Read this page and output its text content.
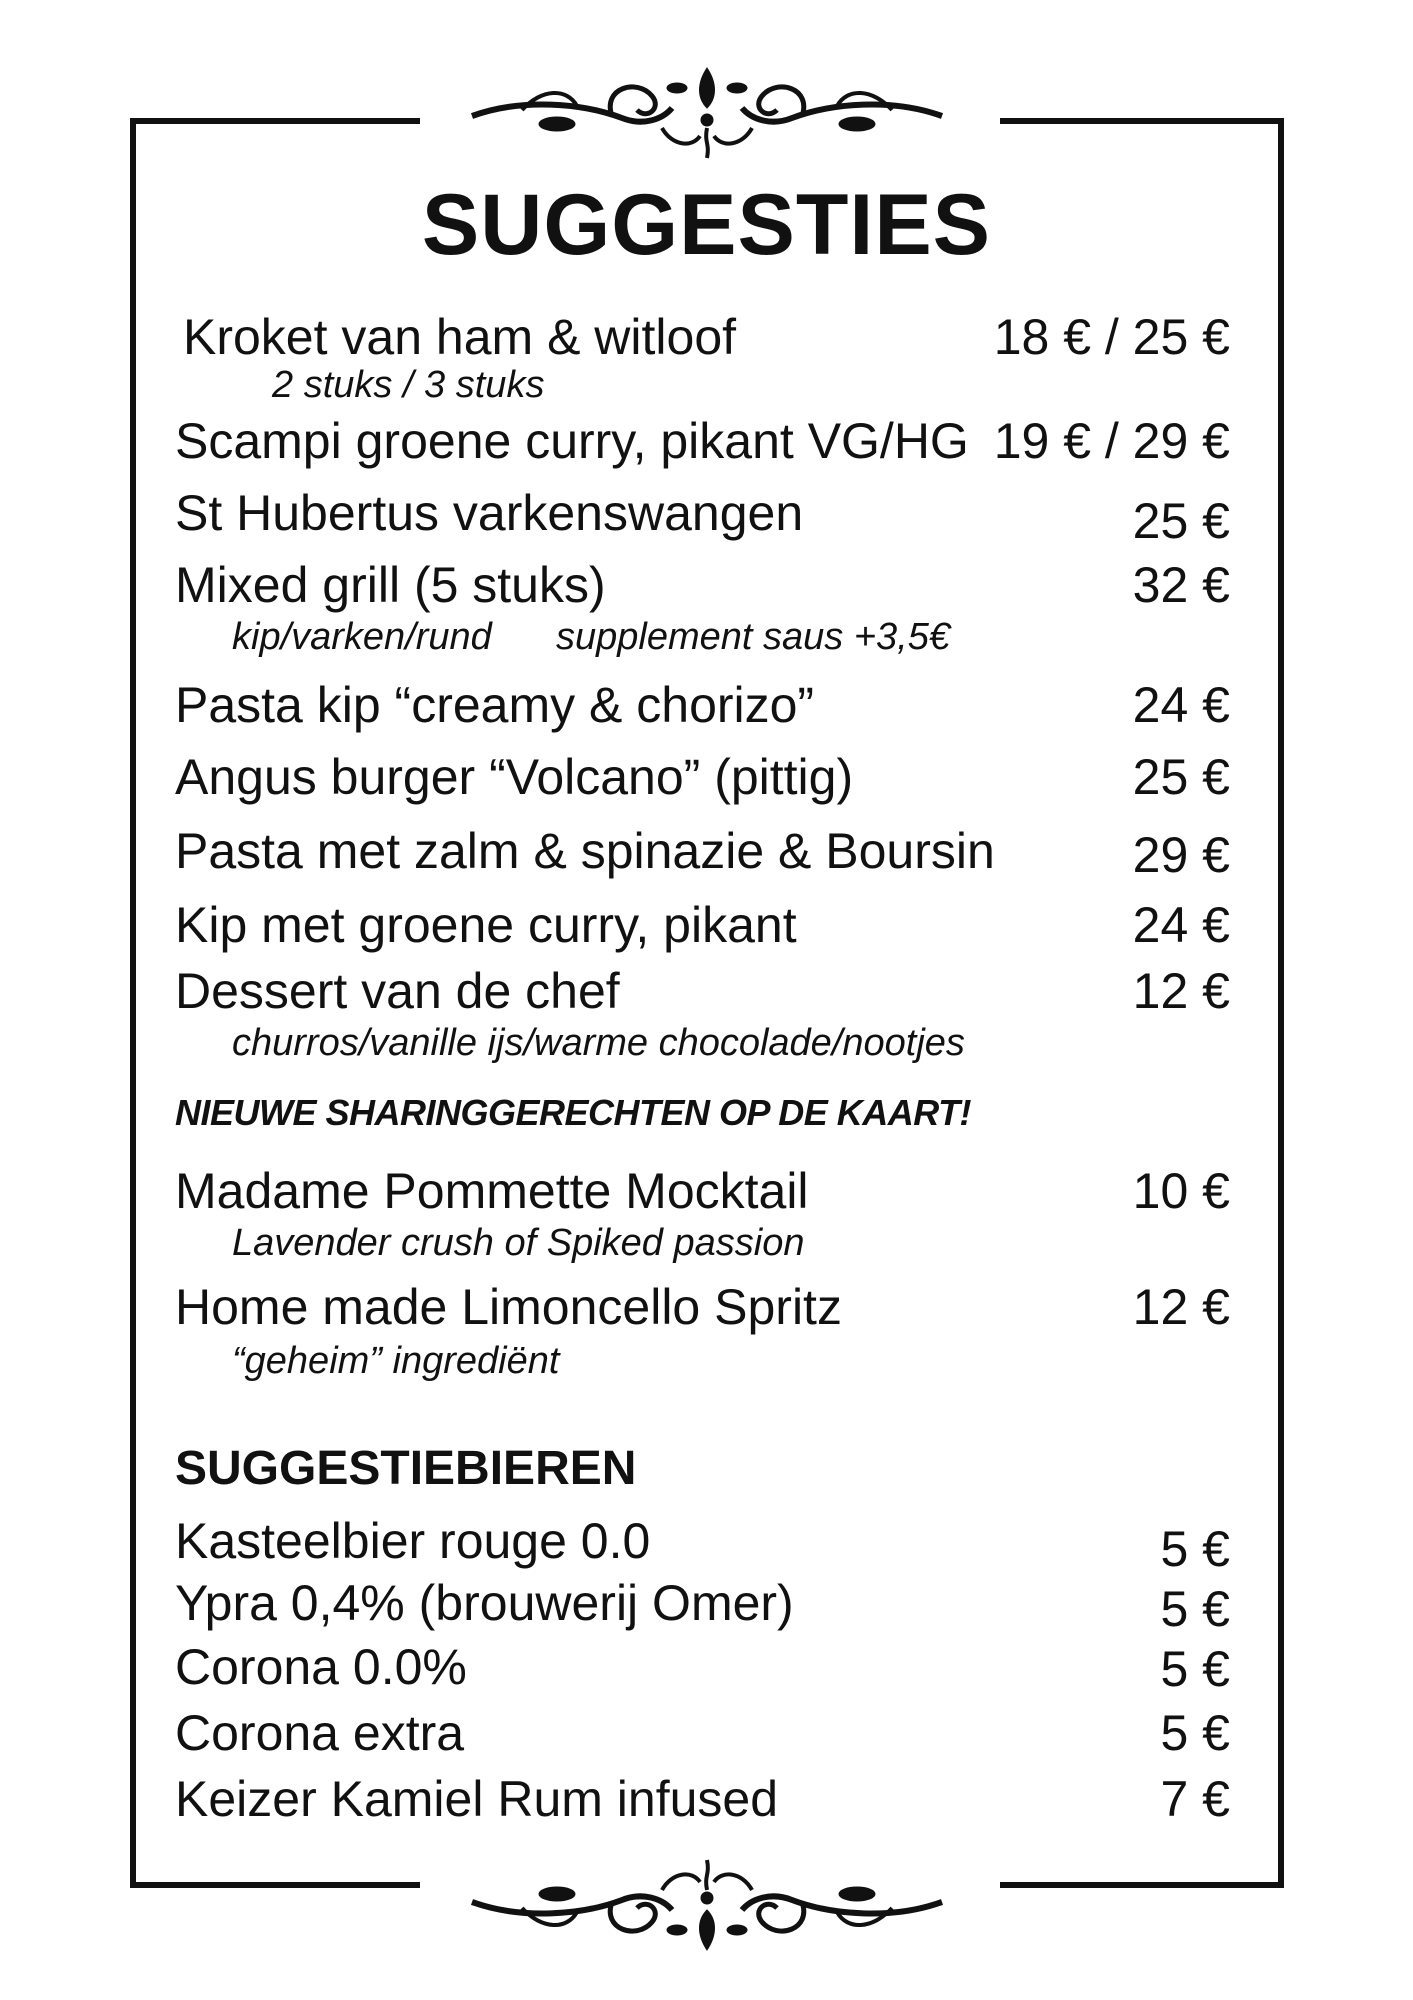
SUGGESTIES
Kroket van ham & witloof	18 € / 25 €
2 stuks / 3 stuks
Scampi groene curry, pikant VG/HG 19 € / 29 €
St Hubertus varkenswangen	25 €
Mixed grill (5 stuks)	32 €
kip/varken/rund supplement saus +3,5€
Pasta kip “creamy & chorizo”	24 €
Angus burger “Volcano” (pittig)	25 €
Pasta met zalm & spinazie & Boursin	29 €
Kip met groene curry, pikant	24 €
Dessert van de chef	12 €
churros/vanille ijs/warme chocolade/nootjes
NIEUWE SHARINGGERECHTEN OP DE KAART!
Madame Pommette Mocktail	10 €
Lavender crush of Spiked passion
Home made Limoncello Spritz	12 €
“geheim” ingrediënt
SUGGESTIEBIEREN
Kasteelbier rouge 0.0	5 €
Ypra 0,4% (brouwerij Omer)	5 €
Corona 0.0%	5 €
Corona extra	5 €
Keizer Kamiel Rum infused	7 €
